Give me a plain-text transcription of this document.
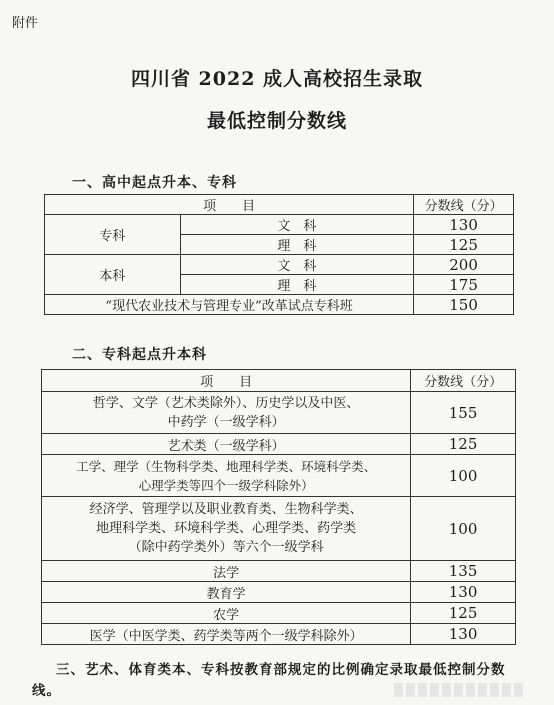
附件
四川省 2022 成人高校招生录取
最低控制分数线
一、高中起点升本、专科
项　　目		分数线（分）
专科	文　科	130
	理　科	125
本科	文　科	200
	理　科	175
“现代农业技术与管理专业”改革试点专科班		150
二、专科起点升本科
项　　目	分数线（分）
哲学、文学（艺术类除外）、历史学以及中医、
中药学（一级学科）	155
艺术类（一级学科）	125
工学、理学（生物科学类、地理科学类、环境科学类、
心理学类等四个一级学科除外）	100
经济学、管理学以及职业教育类、生物科学类、
地理科学类、环境科学类、心理学类、药学类
（除中药学类外）等六个一级学科	100
法学	135
教育学	130
农学	125
医学（中医学类、药学类等两个一级学科除外）	130
三、艺术、体育类本、专科按教育部规定的比例确定录取最低控制分数线。
